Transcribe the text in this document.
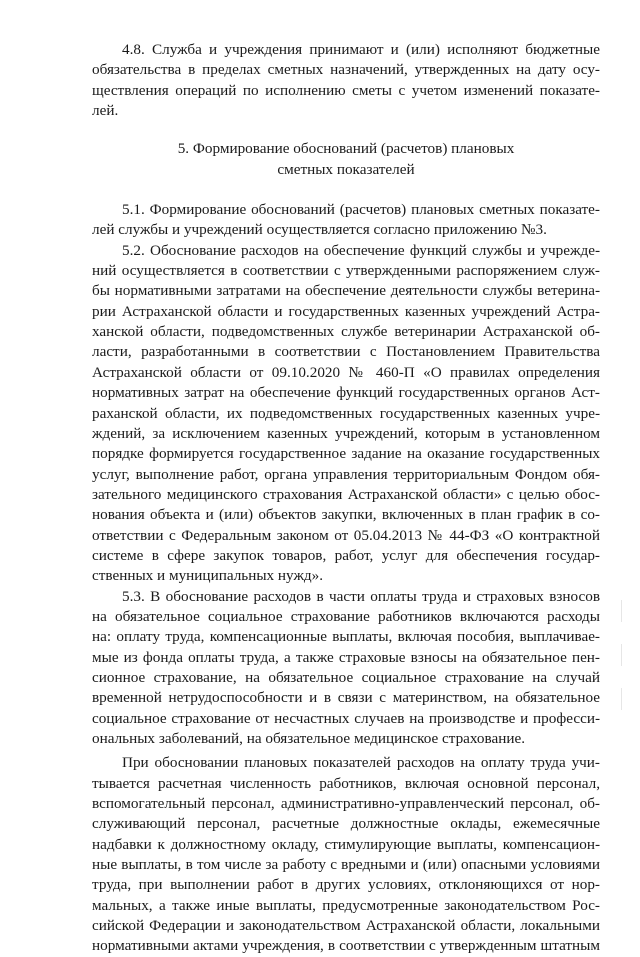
4.8. Служба и учреждения принимают и (или) исполняют бюджетные
обязательства в пределах сметных назначений, утвержденных на дату осу-
ществления операций по исполнению сметы с учетом изменений показате-
лей.
5. Формирование обоснований (расчетов) плановых
сметных показателей
5.1. Формирование обоснований (расчетов) плановых сметных показате-
лей службы и учреждений осуществляется согласно приложению №3.
5.2. Обоснование расходов на обеспечение функций службы и учрежде-
ний осуществляется в соответствии с утвержденными распоряжением служ-
бы нормативными затратами на обеспечение деятельности службы ветерина-
рии Астраханской области и государственных казенных учреждений Астра-
ханской области, подведомственных службе ветеринарии Астраханской об-
ласти, разработанными в соответствии с Постановлением Правительства
Астраханской области от 09.10.2020 № 460-П «О правилах определения
нормативных затрат на обеспечение функций государственных органов Аст-
раханской области, их подведомственных государственных казенных учре-
ждений, за исключением казенных учреждений, которым в установленном
порядке формируется государственное задание на оказание государственных
услуг, выполнение работ, органа управления территориальным Фондом обя-
зательного медицинского страхования Астраханской области» с целью обос-
нования объекта и (или) объектов закупки, включенных в план график в со-
ответствии с Федеральным законом от 05.04.2013 № 44-ФЗ «О контрактной
системе в сфере закупок товаров, работ, услуг для обеспечения государ-
ственных и муниципальных нужд».
5.3. В обоснование расходов в части оплаты труда и страховых взносов
на обязательное социальное страхование работников включаются расходы
на: оплату труда, компенсационные выплаты, включая пособия, выплачивае-
мые из фонда оплаты труда, а также страховые взносы на обязательное пен-
сионное страхование, на обязательное социальное страхование на случай
временной нетрудоспособности и в связи с материнством, на обязательное
социальное страхование от несчастных случаев на производстве и професси-
ональных заболеваний, на обязательное медицинское страхование.
При обосновании плановых показателей расходов на оплату труда учи-
тывается расчетная численность работников, включая основной персонал,
вспомогательный персонал, административно-управленческий персонал, об-
служивающий персонал, расчетные должностные оклады, ежемесячные
надбавки к должностному окладу, стимулирующие выплаты, компенсацион-
ные выплаты, в том числе за работу с вредными и (или) опасными условиями
труда, при выполнении работ в других условиях, отклоняющихся от нор-
мальных, а также иные выплаты, предусмотренные законодательством Рос-
сийской Федерации и законодательством Астраханской области, локальными
нормативными актами учреждения, в соответствии с утвержденным штатным
